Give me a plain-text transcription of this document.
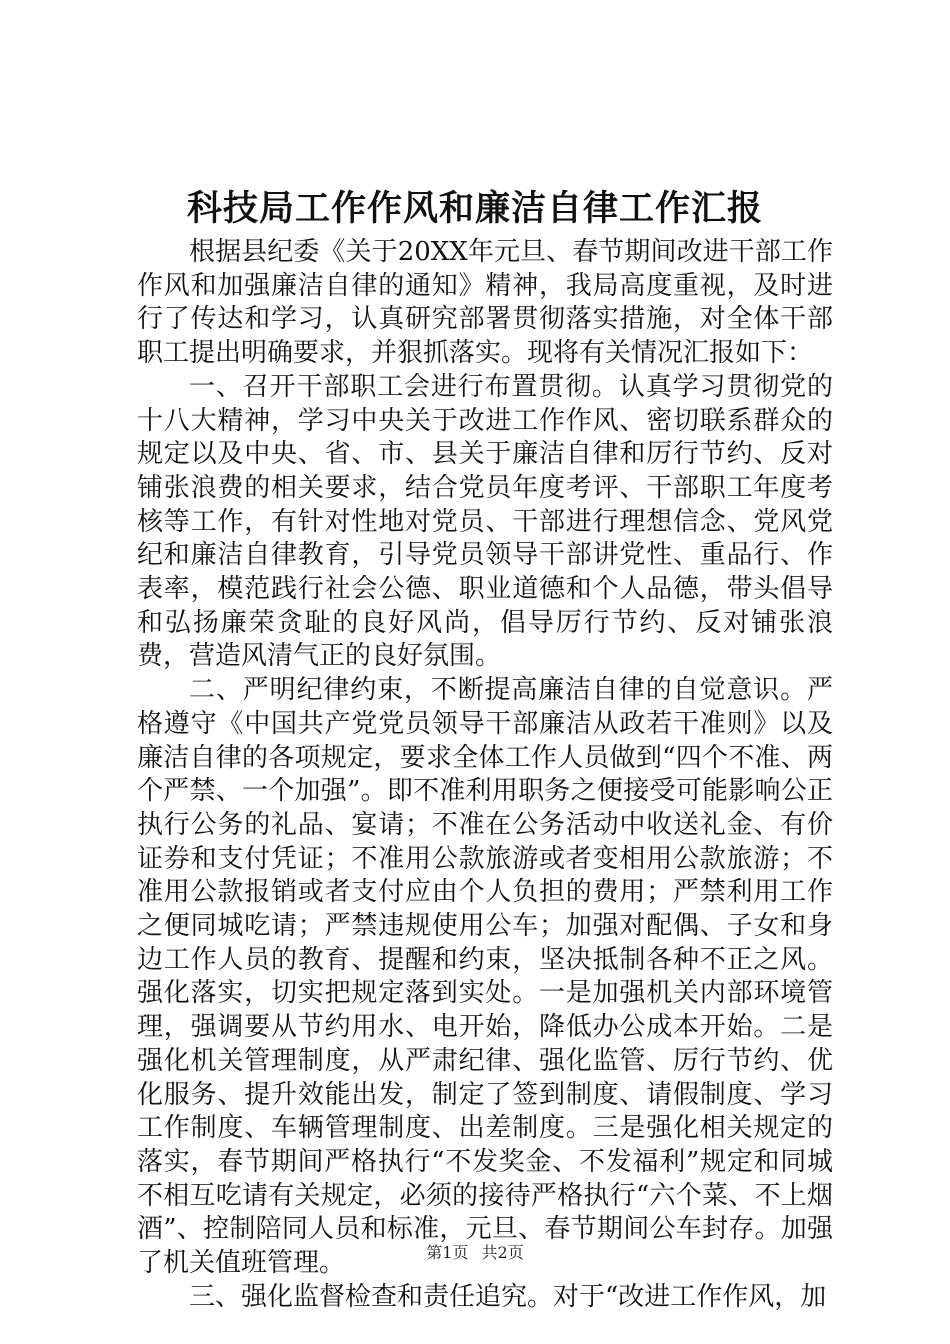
科技局工作作风和廉洁自律工作汇报

根据县纪委《关于20XX年元旦、春节期间改进干部工作作风和加强廉洁自律的通知》精神，我局高度重视，及时进行了传达和学习，认真研究部署贯彻落实措施，对全体干部职工提出明确要求，并狠抓落实。现将有关情况汇报如下：

一、召开干部职工会进行布置贯彻。认真学习贯彻党的十八大精神，学习中央关于改进工作作风、密切联系群众的规定以及中央、省、市、县关于廉洁自律和厉行节约、反对铺张浪费的相关要求，结合党员年度考评、干部职工年度考核等工作，有针对性地对党员、干部进行理想信念、党风党纪和廉洁自律教育，引导党员领导干部讲党性、重品行、作表率，模范践行社会公德、职业道德和个人品德，带头倡导和弘扬廉荣贪耻的良好风尚，倡导厉行节约、反对铺张浪费，营造风清气正的良好氛围。

二、严明纪律约束，不断提高廉洁自律的自觉意识。严格遵守《中国共产党党员领导干部廉洁从政若干准则》以及廉洁自律的各项规定，要求全体工作人员做到“四个不准、两个严禁、一个加强”。即不准利用职务之便接受可能影响公正执行公务的礼品、宴请；不准在公务活动中收送礼金、有价证券和支付凭证；不准用公款旅游或者变相用公款旅游；不准用公款报销或者支付应由个人负担的费用；严禁利用工作之便同城吃请；严禁违规使用公车；加强对配偶、子女和身边工作人员的教育、提醒和约束，坚决抵制各种不正之风。强化落实，切实把规定落到实处。一是加强机关内部环境管理，强调要从节约用水、电开始，降低办公成本开始。二是强化机关管理制度，从严肃纪律、强化监管、厉行节约、优化服务、提升效能出发，制定了签到制度、请假制度、学习工作制度、车辆管理制度、出差制度。三是强化相关规定的落实，春节期间严格执行“不发奖金、不发福利”规定和同城不相互吃请有关规定，必须的接待严格执行“六个菜、不上烟酒”、控制陪同人员和标准，元旦、春节期间公车封存。加强了机关值班管理。

三、强化监督检查和责任追究。对于“改进工作作风，加

第1页 共2页
